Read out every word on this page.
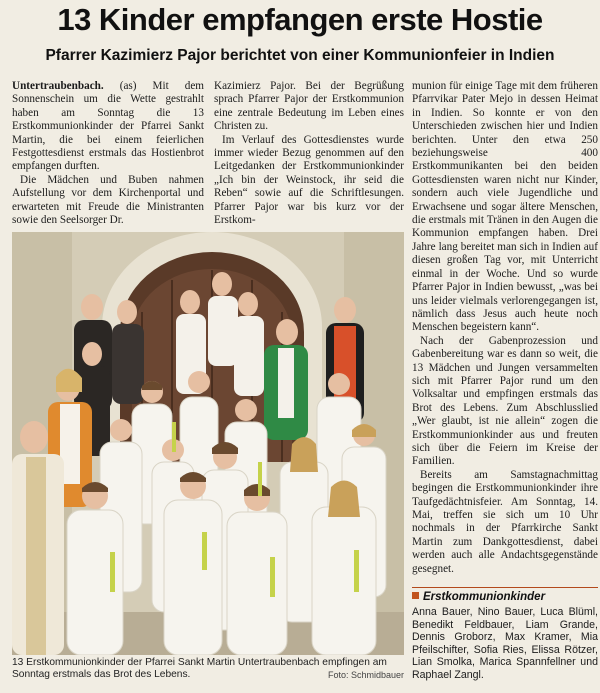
13 Kinder empfangen erste Hostie
Pfarrer Kazimierz Pajor berichtet von einer Kommunionfeier in Indien

Untertraubenbach. (as) Mit dem Sonnenschein um die Wette gestrahlt haben am Sonntag die 13 Erstkommunionkinder der Pfarrei Sankt Martin, die bei einem feierlichen Festgottesdienst erstmals das Hostienbrot empfangen durften.

Die Mädchen und Buben nahmen Aufstellung vor dem Kirchenportal und erwarteten mit Freude die Ministranten sowie den Seelsorger Dr.

Kazimierz Pajor. Bei der Begrüßung sprach Pfarrer Pajor der Erstkommunion eine zentrale Bedeutung im Leben eines Christen zu.

Im Verlauf des Gottesdienstes wurde immer wieder Bezug genommen auf den Leitgedanken der Erstkommunionkinder „Ich bin der Weinstock, ihr seid die Reben“ sowie auf die Schriftlesungen. Pfarrer Pajor war bis kurz vor der Erstkom-

munion für einige Tage mit dem früheren Pfarrvikar Pater Mejo in dessen Heimat in Indien. So konnte er von den Unterschieden zwischen hier und Indien berichten. Unter den etwa 250 beziehungsweise 400 Erstkommunikanten bei den beiden Gottesdiensten waren nicht nur Kinder, sondern auch viele Jugendliche und Erwachsene und sogar ältere Menschen, die erstmals mit Tränen in den Augen die Kommunion empfangen haben. Drei Jahre lang bereitet man sich in Indien auf diesen großen Tag vor, mit Unterricht einmal in der Woche. Und so wurde Pfarrer Pajor in Indien bewusst, „was bei uns leider vielmals verlorengegangen ist, nämlich dass Jesus auch heute noch Menschen begeistern kann“.

Nach der Gabenprozession und Gabenbereitung war es dann so weit, die 13 Mädchen und Jungen versammelten sich mit Pfarrer Pajor rund um den Volksaltar und empfingen erstmals das Brot des Lebens. Zum Abschlusslied „Wer glaubt, ist nie allein“ zogen die Erstkommunionkinder aus und freuten sich über die Feiern im Kreise der Familien.

Bereits am Samstagnachmittag begingen die Erstkommunionkinder ihre Taufgedächtnisfeier. Am Sonntag, 14. Mai, treffen sie sich um 10 Uhr nochmals in der Pfarrkirche Sankt Martin zum Dankgottesdienst, dabei werden auch alle Andachtsgegenstände gesegnet.

13 Erstkommunionkinder der Pfarrei Sankt Martin Untertraubenbach empfingen am Sonntag erstmals das Brot des Lebens.	Foto: Schmidbauer
Erstkommunionkinder
Anna Bauer, Nino Bauer, Luca Blüml, Benedikt Feldbauer, Liam Grande, Dennis Groborz, Max Kramer, Mia Pfeilschifter, Sofia Ries, Elissa Rötzer, Lian Smolka, Marica Spannfellner und Raphael Zangl.
